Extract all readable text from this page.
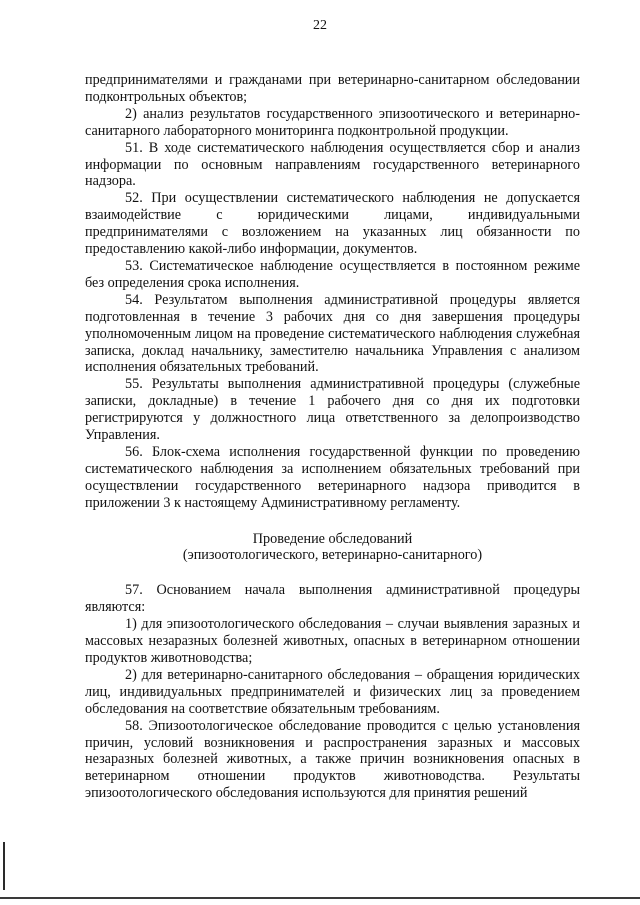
22

предпринимателями и гражданами при ветеринарно-санитарном обследовании подконтрольных объектов;

2) анализ результатов государственного эпизоотического и ветеринарно-санитарного лабораторного мониторинга подконтрольной продукции.

51. В ходе систематического наблюдения осуществляется сбор и анализ информации по основным направлениям государственного ветеринарного надзора.

52. При осуществлении систематического наблюдения не допускается взаимодействие с юридическими лицами, индивидуальными предпринимателями с возложением на указанных лиц обязанности по предоставлению какой-либо информации, документов.

53. Систематическое наблюдение осуществляется в постоянном режиме без определения срока исполнения.

54. Результатом выполнения административной процедуры является подготовленная в течение 3 рабочих дня со дня завершения процедуры уполномоченным лицом на проведение систематического наблюдения служебная записка, доклад начальнику, заместителю начальника Управления с анализом исполнения обязательных требований.

55. Результаты выполнения административной процедуры (служебные записки, докладные) в течение 1 рабочего дня со дня их подготовки регистрируются у должностного лица ответственного за делопроизводство Управления.

56. Блок-схема исполнения государственной функции по проведению систематического наблюдения за исполнением обязательных требований при осуществлении государственного ветеринарного надзора приводится в приложении 3 к настоящему Административному регламенту.

Проведение обследований
(эпизоотологического, ветеринарно-санитарного)

57. Основанием начала выполнения административной процедуры являются:

1) для эпизоотологического обследования – случаи выявления заразных и массовых незаразных болезней животных, опасных в ветеринарном отношении продуктов животноводства;

2) для ветеринарно-санитарного обследования – обращения юридических лиц, индивидуальных предпринимателей и физических лиц за проведением обследования на соответствие обязательным требованиям.

58. Эпизоотологическое обследование проводится с целью установления причин, условий возникновения и распространения заразных и массовых незаразных болезней животных, а также причин возникновения опасных в ветеринарном отношении продуктов животноводства. Результаты эпизоотологического обследования используются для принятия решений
